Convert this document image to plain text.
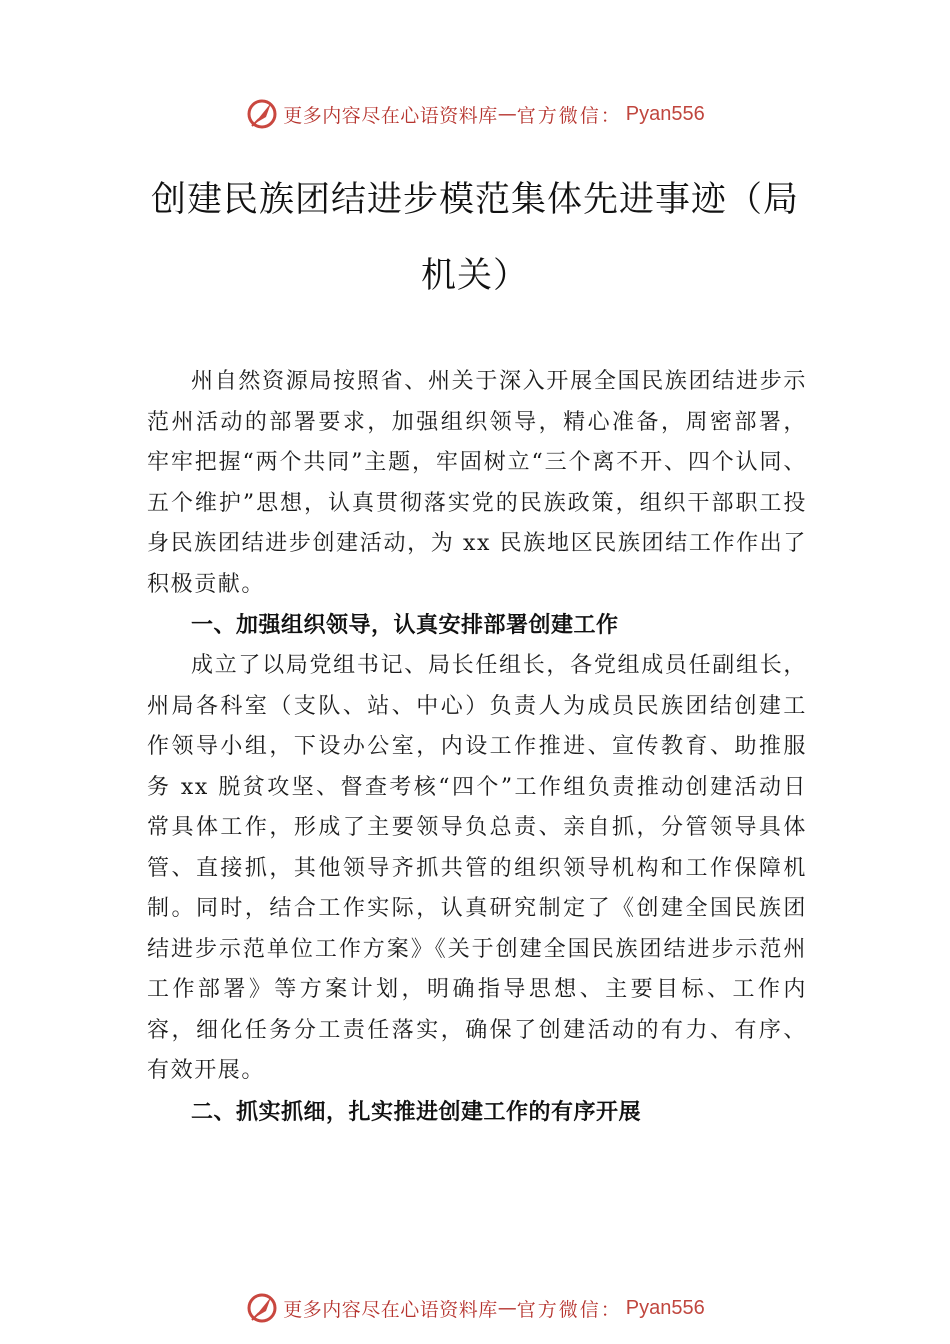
更多内容尽在心语资料库 — 官方微信： Pyan556
创建民族团结进步模范集体先进事迹（局机关）

州自然资源局按照省、州关于深入开展全国民族团结进步示范州活动的部署要求，加强组织领导，精心准备，周密部署，牢牢把握“两个共同”主题，牢固树立“三个离不开、四个认同、五个维护”思想，认真贯彻落实党的民族政策，组织干部职工投身民族团结进步创建活动，为 xx 民族地区民族团结工作作出了积极贡献。

一、加强组织领导，认真安排部署创建工作

成立了以局党组书记、局长任组长，各党组成员任副组长，州局各科室（支队、站、中心）负责人为成员民族团结创建工作领导小组，下设办公室，内设工作推进、宣传教育、助推服务 xx 脱贫攻坚、督查考核“四个”工作组负责推动创建活动日常具体工作，形成了主要领导负总责、亲自抓，分管领导具体管、直接抓，其他领导齐抓共管的组织领导机构和工作保障机制。同时，结合工作实际，认真研究制定了《创建全国民族团结进步示范单位工作方案》《关于创建全国民族团结进步示范州工作部署》等方案计划，明确指导思想、主要目标、工作内容，细化任务分工责任落实，确保了创建活动的有力、有序、有效开展。

二、抓实抓细，扎实推进创建工作的有序开展
更多内容尽在心语资料库 — 官方微信： Pyan556
